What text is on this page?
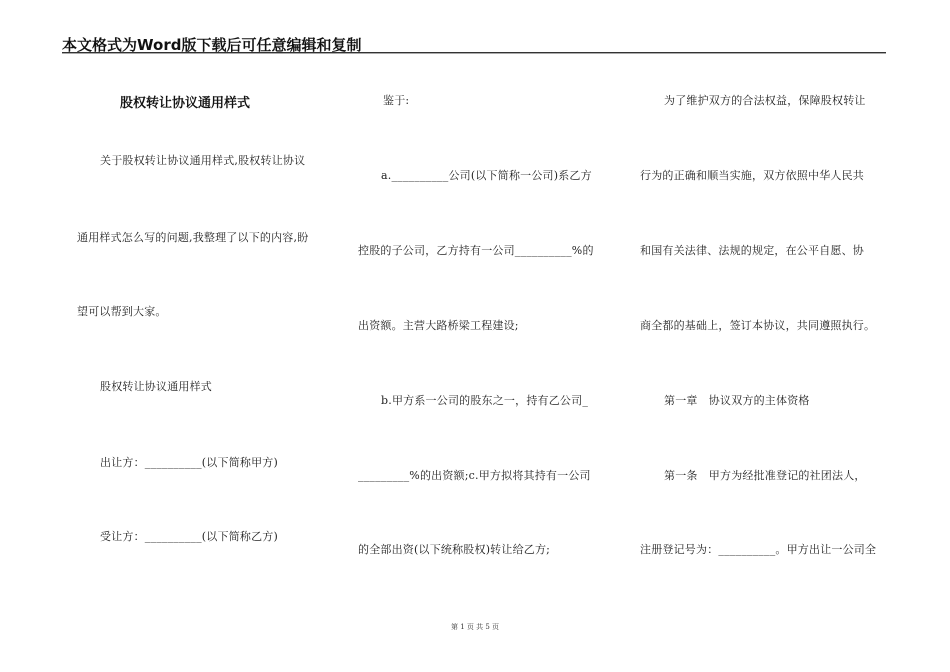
本文格式为Word版下载后可任意编辑和复制
股权转让协议通用样式
关于股权转让协议通用样式,股权转让协议
通用样式怎么写的问题,我整理了以下的内容,盼
望可以帮到大家。
股权转让协议通用样式
出让方：__________(以下简称甲方)
受让方：__________(以下简称乙方)
鉴于:
a.__________公司(以下简称一公司)系乙方
控股的子公司，乙方持有一公司__________%的
出资额。主营大路桥梁工程建设;
b.甲方系一公司的股东之一，持有乙公司_
_________%的出资额;c.甲方拟将其持有一公司
的全部出资(以下统称股权)转让给乙方;
为了维护双方的合法权益，保障股权转让
行为的正确和顺当实施，双方依照中华人民共
和国有关法律、法规的规定，在公平自愿、协
商全都的基础上，签订本协议，共同遵照执行。
第一章　协议双方的主体资格
第一条　甲方为经批准登记的社团法人，
注册登记号为：__________。甲方出让一公司全
第 1 页 共 5 页
